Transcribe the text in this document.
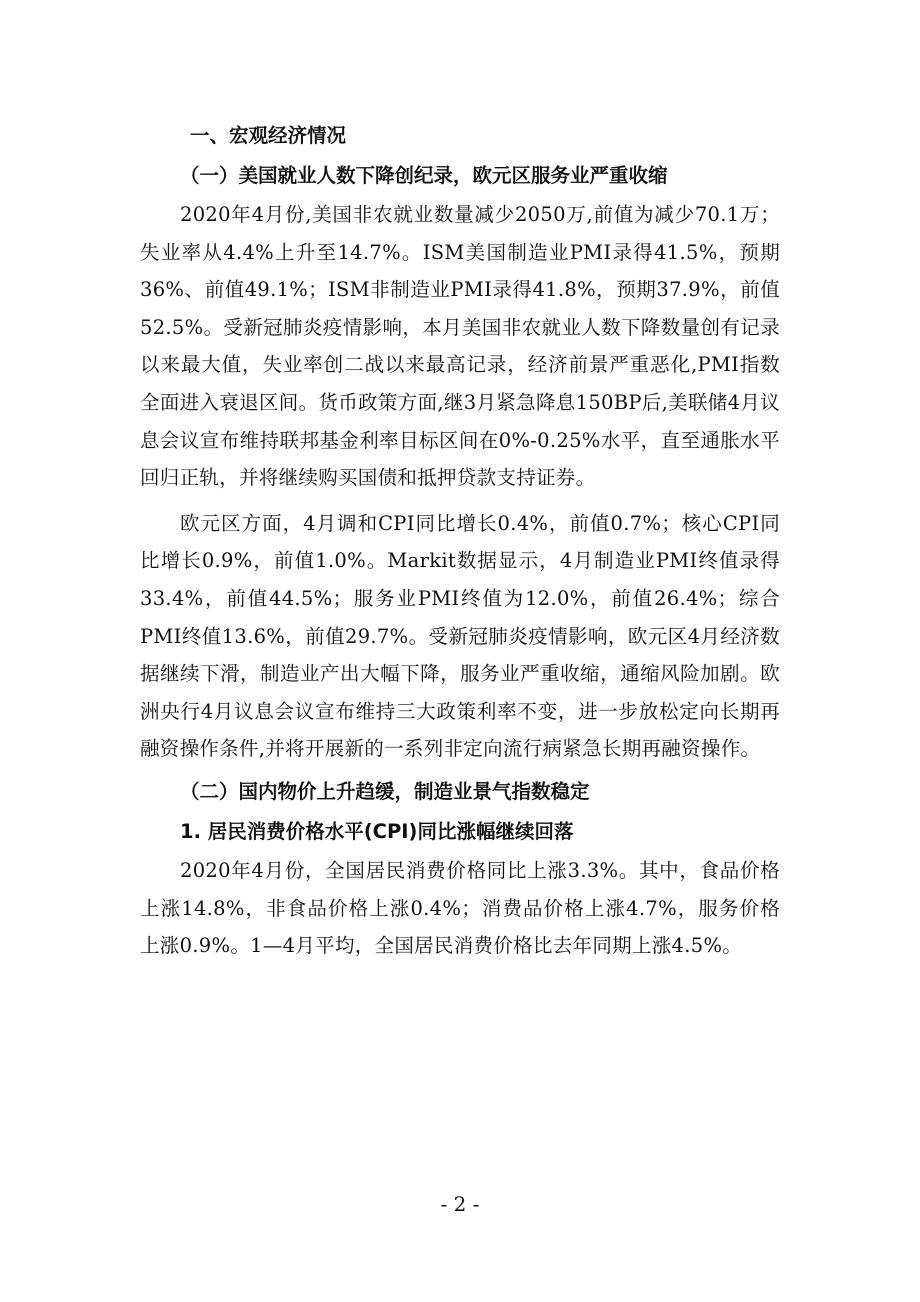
一、宏观经济情况

（一）美国就业人数下降创纪录，欧元区服务业严重收缩

2020年4月份,美国非农就业数量减少2050万,前值为减少70.1万；失业率从4.4%上升至14.7%。ISM美国制造业PMI录得41.5%，预期36%、前值49.1%；ISM非制造业PMI录得41.8%，预期37.9%，前值52.5%。受新冠肺炎疫情影响，本月美国非农就业人数下降数量创有记录以来最大值，失业率创二战以来最高记录，经济前景严重恶化,PMI指数全面进入衰退区间。货币政策方面,继3月紧急降息150BP后,美联储4月议息会议宣布维持联邦基金利率目标区间在0%-0.25%水平，直至通胀水平回归正轨，并将继续购买国债和抵押贷款支持证券。

欧元区方面，4月调和CPI同比增长0.4%，前值0.7%；核心CPI同比增长0.9%，前值1.0%。Markit数据显示，4月制造业PMI终值录得33.4%，前值44.5%；服务业PMI终值为12.0%，前值26.4%；综合PMI终值13.6%，前值29.7%。受新冠肺炎疫情影响，欧元区4月经济数据继续下滑，制造业产出大幅下降，服务业严重收缩，通缩风险加剧。欧洲央行4月议息会议宣布维持三大政策利率不变，进一步放松定向长期再融资操作条件,并将开展新的一系列非定向流行病紧急长期再融资操作。

（二）国内物价上升趋缓，制造业景气指数稳定

1. 居民消费价格水平(CPI)同比涨幅继续回落

2020年4月份，全国居民消费价格同比上涨3.3%。其中，食品价格上涨14.8%，非食品价格上涨0.4%；消费品价格上涨4.7%，服务价格上涨0.9%。1—4月平均，全国居民消费价格比去年同期上涨4.5%。

- 2 -
